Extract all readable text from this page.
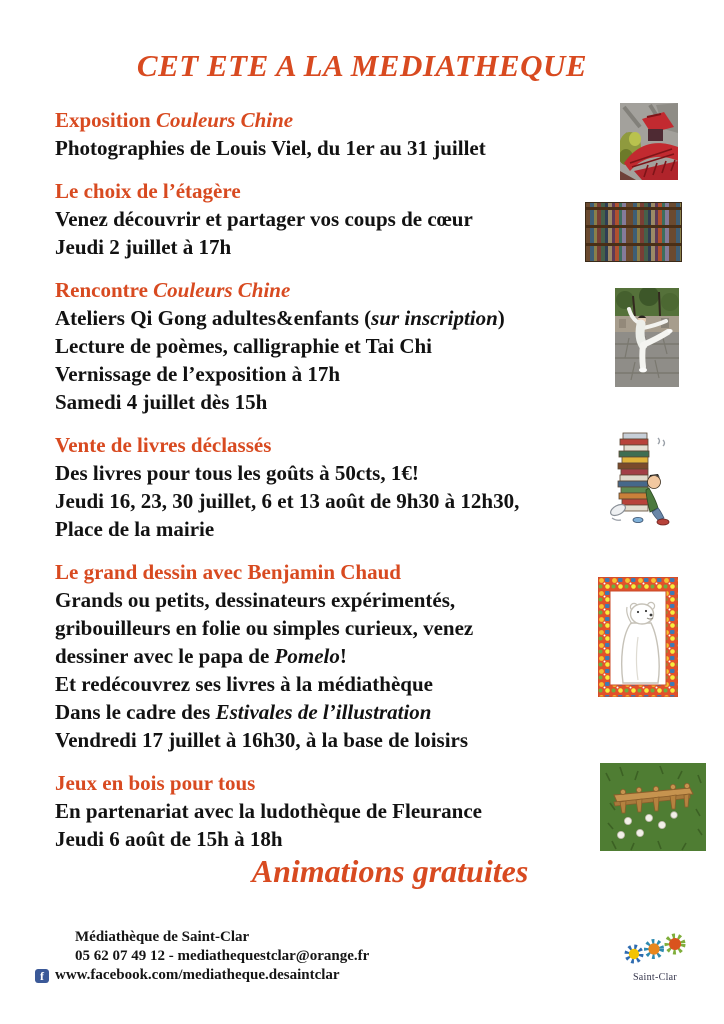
CET ETE A LA MEDIATHEQUE
Exposition Couleurs Chine
Photographies de Louis Viel, du 1er au 31 juillet
Le choix de l’étagère
Venez découvrir et partager vos coups de cœur
Jeudi 2 juillet à 17h
Rencontre Couleurs Chine
Ateliers Qi Gong adultes&enfants (sur inscription)
Lecture de poèmes, calligraphie et Tai Chi
Vernissage de l’exposition à 17h
Samedi 4 juillet dès 15h
Vente de livres déclassés
Des livres pour tous les goûts à 50cts, 1€!
Jeudi 16, 23, 30 juillet, 6 et 13 août de 9h30 à 12h30,
Place de la mairie
Le grand dessin avec Benjamin Chaud
Grands ou petits, dessinateurs expérimentés,
gribouilleurs en folie ou simples curieux, venez
dessiner avec le papa de Pomelo!
Et redécouvrez ses livres à la médiathèque
Dans le cadre des Estivales de l’illustration
Vendredi 17 juillet à 16h30, à la base de loisirs
Jeux en bois pour tous
En partenariat avec la ludothèque de Fleurance
Jeudi 6 août de 15h à 18h
Animations gratuites
Médiathèque de Saint-Clar
05 62 07 49 12 - mediathequestclar@orange.fr
f www.facebook.com/mediatheque.desaintclar	Saint-Clar
